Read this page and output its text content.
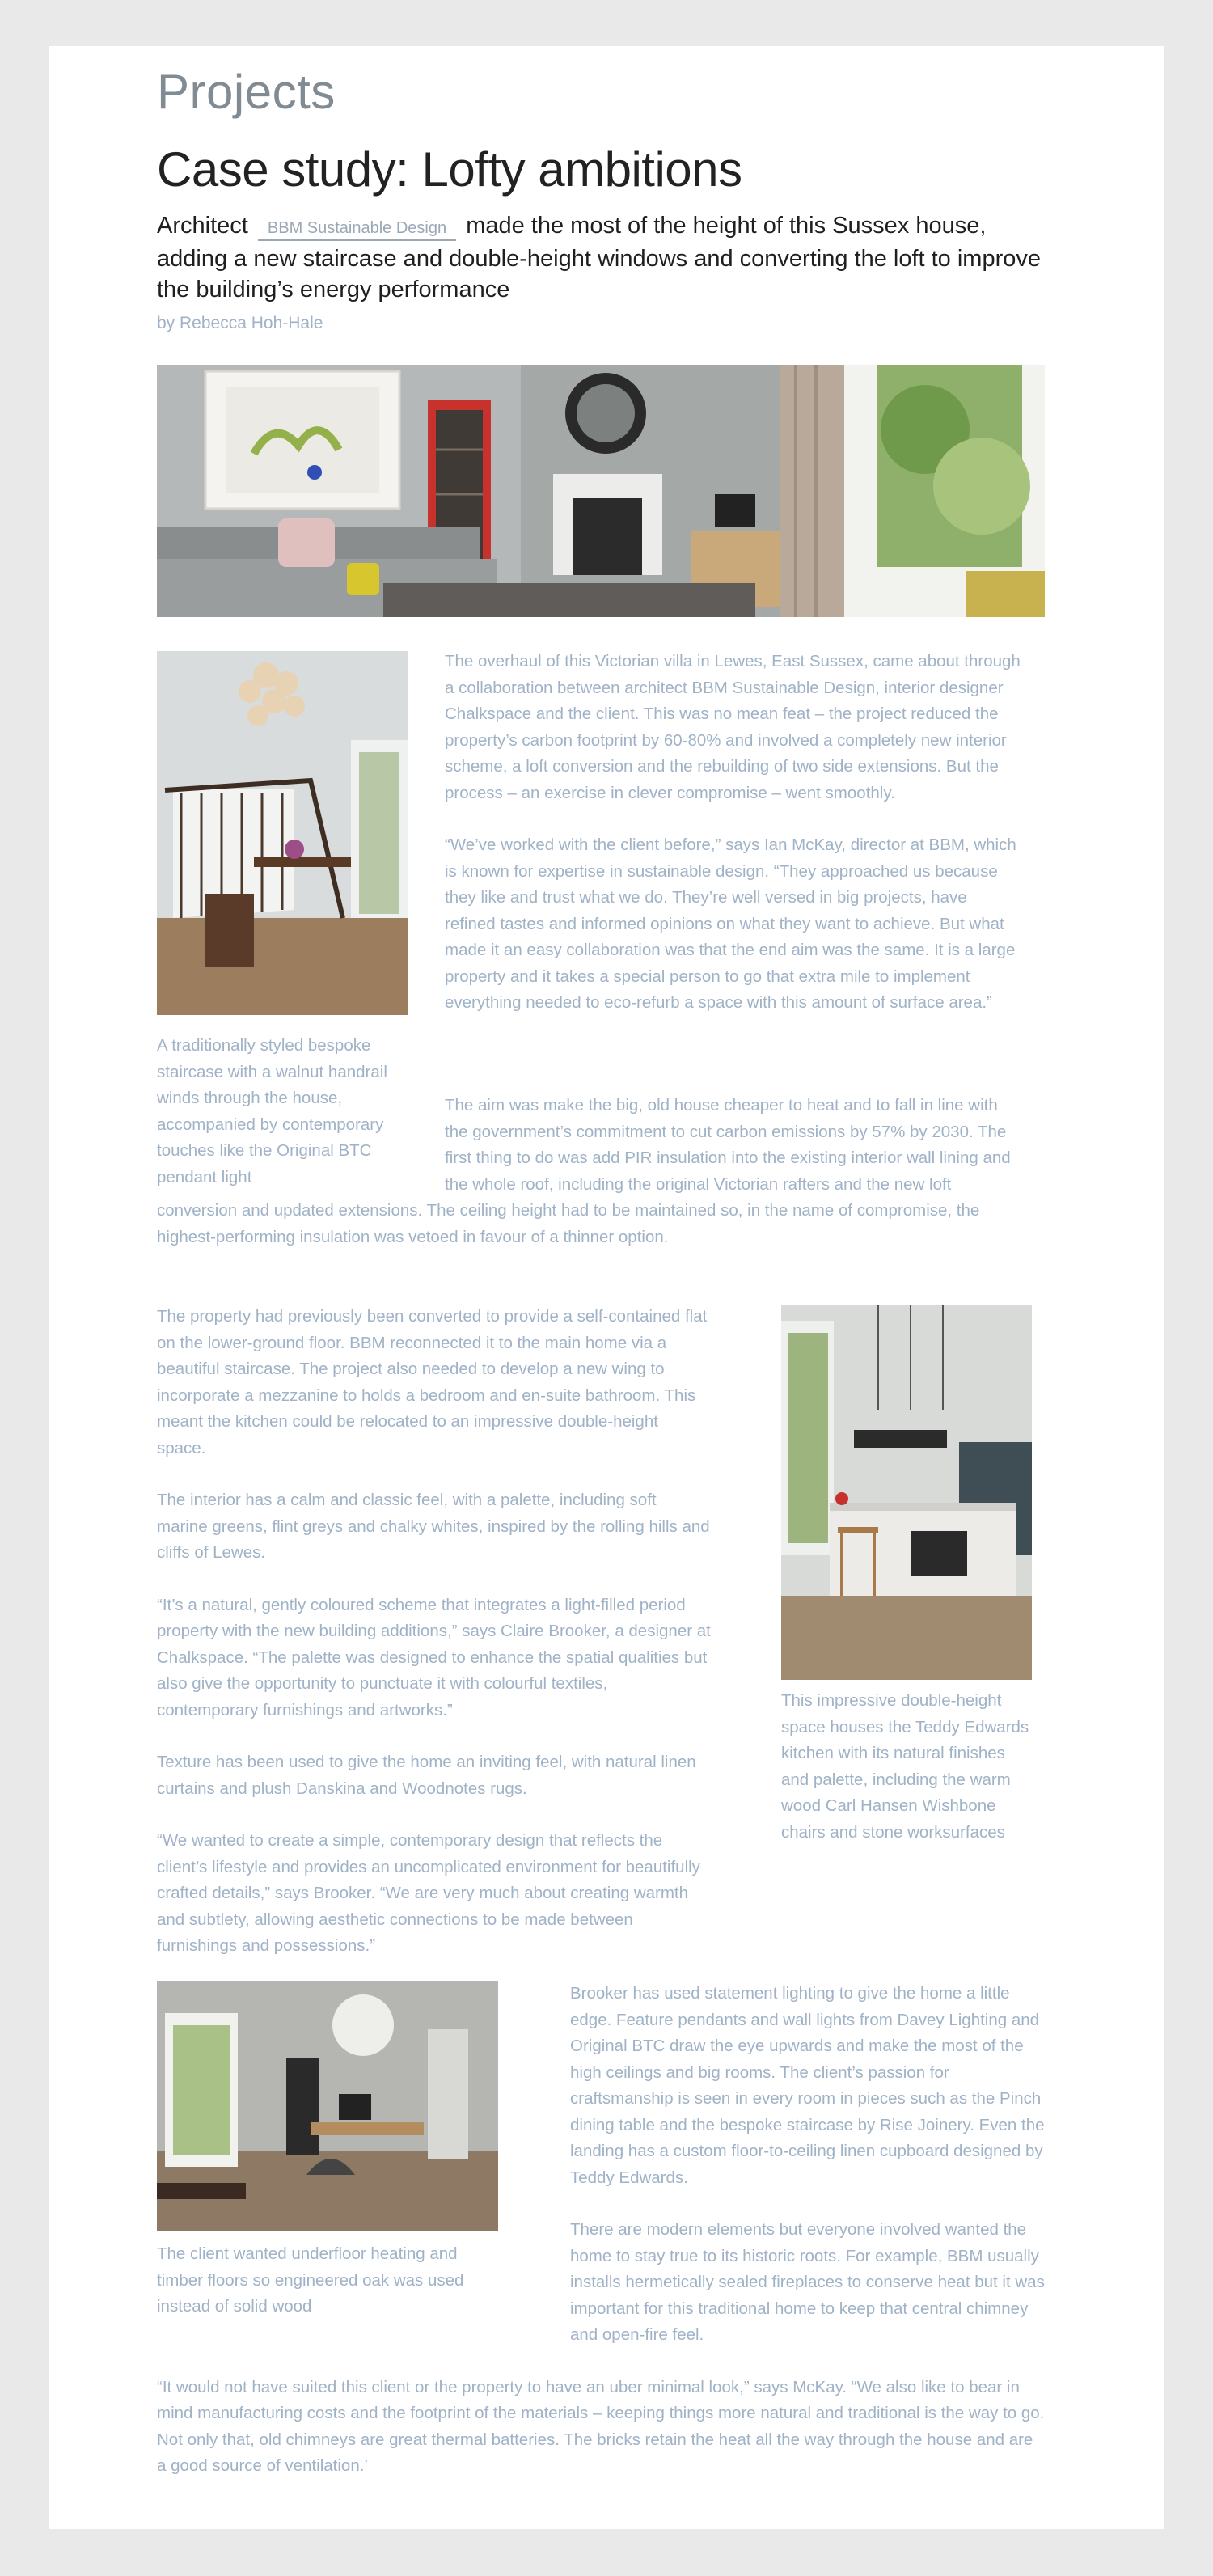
Projects
Case study: Lofty ambitions
Architect BBM Sustainable Design made the most of the height of this Sussex house, adding a new staircase and double-height windows and converting the loft to improve the building’s energy performance
by Rebecca Hoh-Hale
A traditionally styled bespoke staircase with a walnut handrail winds through the house, accompanied by contemporary touches like the Original BTC pendant light

The overhaul of this Victorian villa in Lewes, East Sussex, came about through a collaboration between architect BBM Sustainable Design, interior designer Chalkspace and the client. This was no mean feat – the project reduced the property’s carbon footprint by 60-80% and involved a completely new interior scheme, a loft conversion and the rebuilding of two side extensions. But the process – an exercise in clever compromise – went smoothly.

“We’ve worked with the client before,” says Ian McKay, director at BBM, which is known for expertise in sustainable design. “They approached us because they like and trust what we do. They’re well versed in big projects, have refined tastes and informed opinions on what they want to achieve. But what made it an easy collaboration was that the end aim was the same. It is a large property and it takes a special person to go that extra mile to implement everything needed to eco-refurb a space with this amount of surface area.”

The aim was make the big, old house cheaper to heat and to fall in line with the government’s commitment to cut carbon emissions by 57% by 2030. The first thing to do was add PIR insulation into the existing interior wall lining and the whole roof, including the original Victorian rafters and the new loft conversion and updated extensions. The ceiling height had to be maintained so, in the name of compromise, the highest-performing insulation was vetoed in favour of a thinner option.

This impressive double-height space houses the Teddy Edwards kitchen with its natural finishes and palette, including the warm wood Carl Hansen Wishbone chairs and stone worksurfaces

The property had previously been converted to provide a self-contained flat on the lower-ground floor. BBM reconnected it to the main home via a beautiful staircase. The project also needed to develop a new wing to incorporate a mezzanine to holds a bedroom and en-suite bathroom. This meant the kitchen could be relocated to an impressive double-height space.

The interior has a calm and classic feel, with a palette, including soft marine greens, flint greys and chalky whites, inspired by the rolling hills and cliffs of Lewes.

“It’s a natural, gently coloured scheme that integrates a light-filled period property with the new building additions,” says Claire Brooker, a designer at Chalkspace. “The palette was designed to enhance the spatial qualities but also give the opportunity to punctuate it with colourful textiles, contemporary furnishings and artworks.”

Texture has been used to give the home an inviting feel, with natural linen curtains and plush Danskina and Woodnotes rugs.

“We wanted to create a simple, contemporary design that reflects the client’s lifestyle and provides an uncomplicated environment for beautifully crafted details,” says Brooker. “We are very much about creating warmth and subtlety, allowing aesthetic connections to be made between furnishings and possessions.”

The client wanted underfloor heating and timber floors so engineered oak was used instead of solid wood

Brooker has used statement lighting to give the home a little edge. Feature pendants and wall lights from Davey Lighting and Original BTC draw the eye upwards and make the most of the high ceilings and big rooms. The client’s passion for craftsmanship is seen in every room in pieces such as the Pinch dining table and the bespoke staircase by Rise Joinery. Even the landing has a custom floor-to-ceiling linen cupboard designed by Teddy Edwards.

There are modern elements but everyone involved wanted the home to stay true to its historic roots. For example, BBM usually installs hermetically sealed fireplaces to conserve heat but it was important for this traditional home to keep that central chimney and open-fire feel.

“It would not have suited this client or the property to have an uber minimal look,” says McKay. “We also like to bear in mind manufacturing costs and the footprint of the materials – keeping things more natural and traditional is the way to go. Not only that, old chimneys are great thermal batteries. The bricks retain the heat all the way through the house and are a good source of ventilation.’
